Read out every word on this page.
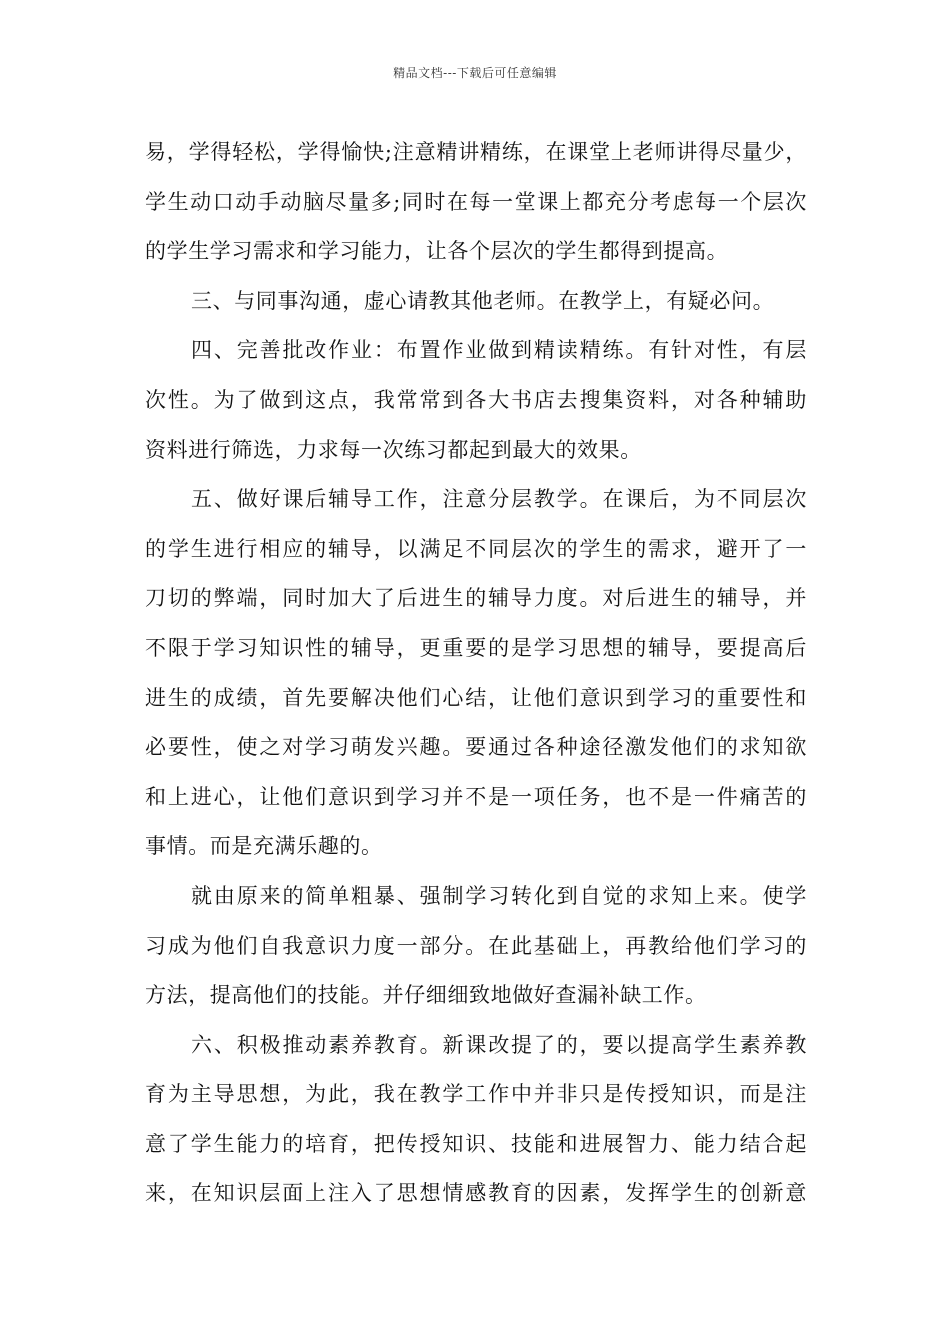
精品文档---下载后可任意编辑
易，学得轻松，学得愉快;注意精讲精练，在课堂上老师讲得尽量少，
学生动口动手动脑尽量多;同时在每一堂课上都充分考虑每一个层次
的学生学习需求和学习能力，让各个层次的学生都得到提高。
三、与同事沟通，虚心请教其他老师。在教学上，有疑必问。
四、完善批改作业：布置作业做到精读精练。有针对性，有层
次性。为了做到这点，我常常到各大书店去搜集资料，对各种辅助
资料进行筛选，力求每一次练习都起到最大的效果。
五、做好课后辅导工作，注意分层教学。在课后，为不同层次
的学生进行相应的辅导，以满足不同层次的学生的需求，避开了一
刀切的弊端，同时加大了后进生的辅导力度。对后进生的辅导，并
不限于学习知识性的辅导，更重要的是学习思想的辅导，要提高后
进生的成绩，首先要解决他们心结，让他们意识到学习的重要性和
必要性，使之对学习萌发兴趣。要通过各种途径激发他们的求知欲
和上进心，让他们意识到学习并不是一项任务，也不是一件痛苦的
事情。而是充满乐趣的。
就由原来的简单粗暴、强制学习转化到自觉的求知上来。使学
习成为他们自我意识力度一部分。在此基础上，再教给他们学习的
方法，提高他们的技能。并仔细细致地做好查漏补缺工作。
六、积极推动素养教育。新课改提了的，要以提高学生素养教
育为主导思想，为此，我在教学工作中并非只是传授知识，而是注
意了学生能力的培育，把传授知识、技能和进展智力、能力结合起
来，在知识层面上注入了思想情感教育的因素，发挥学生的创新意
